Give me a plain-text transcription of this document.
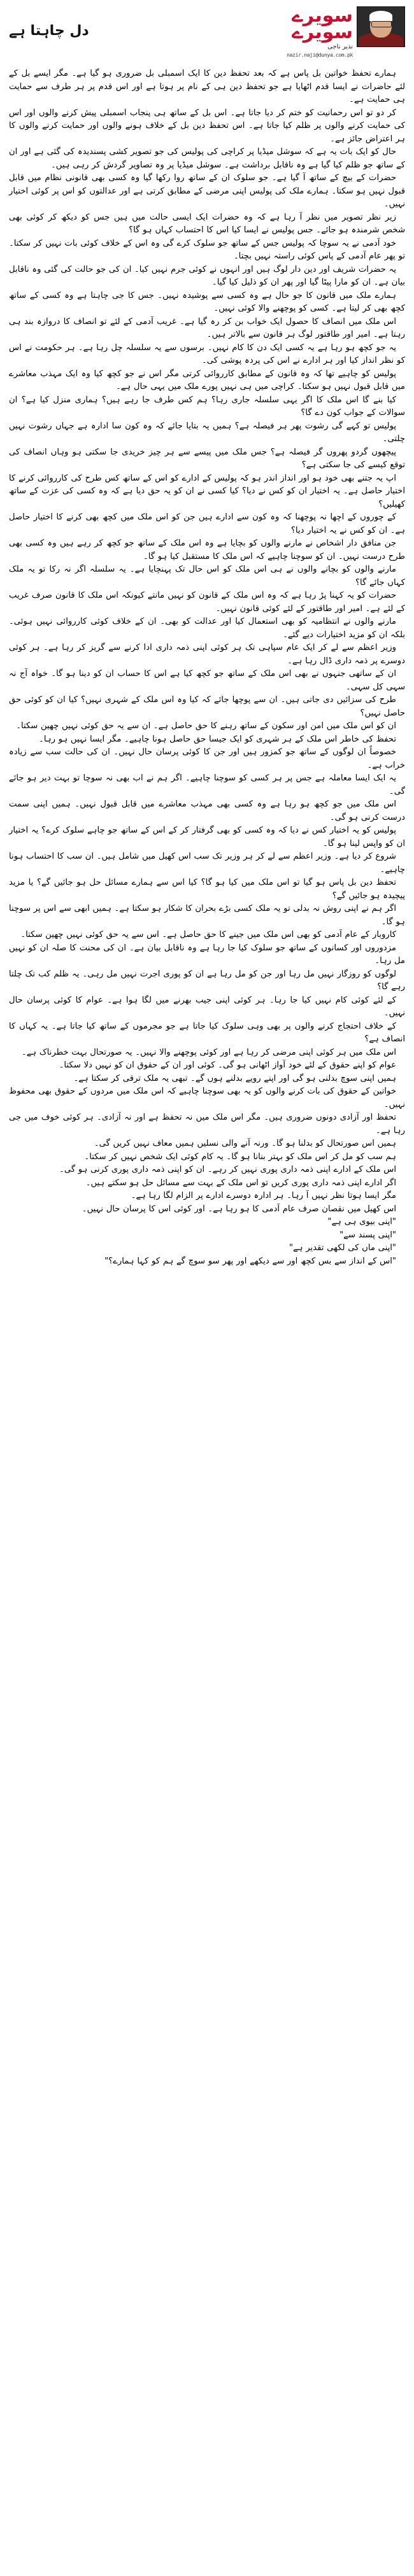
سویرے
سویرے
نذیر ناجی
nazir.naji@dunya.com.pk
دل چاہتا ہے

ہمارے تحفظ خواتین بل پاس ہے کہ بعد تحفظ دین کا ایک اسمبلی بل ضروری ہو گیا ہے۔ مگر ایسے بل کے لئے حاضرات نے ایسا قدم اٹھایا ہے جو تحفظ دین ہی کے نام پر ہوتا ہے اور اس قدم پر ہر طرف سے حمایت ہی حمایت ہے۔

کر دو تو اس رحمانیت کو ختم کر دیا جاتا ہے۔ اس بل کے ساتھ ہی پنجاب اسمبلی پیش کرنے والوں اور اس کی حمایت کرنے والوں پر ظلم کیا جاتا ہے۔ اس تحفظ دین بل کے خلاف ہونے والوں اور حمایت کرنے والوں کا ہر اعتراض جائز ہے۔

حال کو ایک بات یہ ہے کہ سوشل میڈیا پر کراچی کی پولیس کی جو تصویر کشی پسندیدہ کی گئی ہے اور ان کے ساتھ جو ظلم کیا گیا ہے وہ ناقابل برداشت ہے۔ سوشل میڈیا پر وہ تصاویر گردش کر رہی ہیں۔

حضرات کے بیچ کے ساتھ آ گیا ہے۔ جو سلوک ان کے ساتھ روا رکھا گیا وہ کسی بھی قانونی نظام میں قابل قبول نہیں ہو سکتا۔ ہمارے ملک کی پولیس اپنی مرضی کے مطابق کرتی ہے اور عدالتوں کو اس پر کوئی اختیار نہیں۔

زیر نظر تصویر میں نظر آ رہا ہے کہ وہ حضرات ایک ایسی حالت میں ہیں جس کو دیکھ کر کوئی بھی شخص شرمندہ ہو جائے۔ جس پولیس نے ایسا کیا اس کا احتساب کہاں ہو گا؟

خود آدمی نے یہ سوچا کہ پولیس جس کے ساتھ جو سلوک کرے گی وہ اس کے خلاف کوئی بات نہیں کر سکتا۔ تو پھر عام آدمی کے پاس کوئی راستہ نہیں بچتا۔

یہ حضرات شریف اور دین دار لوگ ہیں اور انہوں نے کوئی جرم نہیں کیا۔ ان کی جو حالت کی گئی وہ ناقابل بیان ہے۔ ان کو مارا پیٹا گیا اور پھر ان کو ذلیل کیا گیا۔

ہمارے ملک میں قانون کا جو حال ہے وہ کسی سے پوشیدہ نہیں۔ جس کا جی چاہتا ہے وہ کسی کے ساتھ کچھ بھی کر لیتا ہے۔ کسی کو پوچھنے والا کوئی نہیں۔

اس ملک میں انصاف کا حصول ایک خواب بن کر رہ گیا ہے۔ غریب آدمی کے لئے تو انصاف کا دروازہ بند ہی رہتا ہے۔ امیر اور طاقتور لوگ ہر قانون سے بالاتر ہیں۔

یہ جو کچھ ہو رہا ہے یہ کسی ایک دن کا کام نہیں۔ برسوں سے یہ سلسلہ چل رہا ہے۔ ہر حکومت نے اس کو نظر انداز کیا اور ہر ادارے نے اس کی پردہ پوشی کی۔

پولیس کو چاہیے تھا کہ وہ قانون کے مطابق کارروائی کرتی مگر اس نے جو کچھ کیا وہ ایک مہذب معاشرے میں قابل قبول نہیں ہو سکتا۔ کراچی میں ہی نہیں پورے ملک میں یہی حال ہے۔

کیا بنے گا اس ملک کا اگر یہی سلسلہ جاری رہا؟ ہم کس طرف جا رہے ہیں؟ ہماری منزل کیا ہے؟ ان سوالات کے جواب کون دے گا؟

پولیس تو کہے گی رشوت پھر ہر فیصلہ ہے؟ ہمیں یہ بتایا جائے کہ وہ کون سا ادارہ ہے جہاں رشوت نہیں چلتی۔

پیچھوں گردو پھروں گر فیصلہ ہے؟ جس ملک میں پیسے سے ہر چیز خریدی جا سکتی ہو وہاں انصاف کی توقع کیسے کی جا سکتی ہے؟

اپ یہ جتنے بھی خود ہو اور انداز اندر ہو کہ پولیس کے ادارے کو اس کے ساتھ کس طرح کی کارروائی کرنے کا اختیار حاصل ہے۔ یہ اختیار ان کو کس نے دیا؟ کیا کسی نے ان کو یہ حق دیا ہے کہ وہ کسی کی عزت کے ساتھ کھیلیں؟

کے چوروں کے اچھا نہ پوچھنا کہ وہ کون سے ادارے ہیں جن کو اس ملک میں کچھ بھی کرنے کا اختیار حاصل ہے۔ ان کو کس نے یہ اختیار دیا؟

جن منافق دار اشخاص نے مارنے والوں کو بچایا ہے وہ اس ملک کے ساتھ جو کچھ کر رہے ہیں وہ کسی بھی طرح درست نہیں۔ ان کو سوچنا چاہیے کہ اس ملک کا مستقبل کیا ہو گا۔

مارنے والوں کو بچانے والوں نے ہی اس ملک کو اس حال تک پہنچایا ہے۔ یہ سلسلہ اگر نہ رکا تو یہ ملک کہاں جائے گا؟

حضرات کو یہ کہنا پڑ رہا ہے کہ وہ اس ملک کے قانون کو نہیں مانتے کیونکہ اس ملک کا قانون صرف غریب کے لئے ہے۔ امیر اور طاقتور کے لئے کوئی قانون نہیں۔

مارنے والوں نے انتظامیہ کو بھی استعمال کیا اور عدالت کو بھی۔ ان کے خلاف کوئی کارروائی نہیں ہوئی۔ بلکہ ان کو مزید اختیارات دیے گئے۔

وزیر اعظم سے لے کر ایک عام سپاہی تک ہر کوئی اپنی ذمہ داری ادا کرنے سے گریز کر رہا ہے۔ ہر کوئی دوسرے پر ذمہ داری ڈال رہا ہے۔

ان کے ساتھی جنہوں نے بھی اس ملک کے ساتھ جو کچھ کیا ہے اس کا حساب ان کو دینا ہو گا۔ خواہ آج نہ سہی کل سہی۔

طرح کی سزائیں دی جاتی ہیں۔ ان سے پوچھا جائے کہ کیا وہ اس ملک کے شہری نہیں؟ کیا ان کو کوئی حق حاصل نہیں؟

ان کو اس ملک میں امن اور سکون کے ساتھ رہنے کا حق حاصل ہے۔ ان سے یہ حق کوئی نہیں چھین سکتا۔

تحفظ کی خاطر اس ملک کے ہر شہری کو ایک جیسا حق حاصل ہونا چاہیے۔ مگر ایسا نہیں ہو رہا۔

خصوصاً ان لوگوں کے ساتھ جو کمزور ہیں اور جن کا کوئی پرسان حال نہیں۔ ان کی حالت سب سے زیادہ خراب ہے۔

یہ ایک ایسا معاملہ ہے جس پر ہر کسی کو سوچنا چاہیے۔ اگر ہم نے اب بھی نہ سوچا تو بہت دیر ہو جائے گی۔

اس ملک میں جو کچھ ہو رہا ہے وہ کسی بھی مہذب معاشرے میں قابل قبول نہیں۔ ہمیں اپنی سمت درست کرنی ہو گی۔

پولیس کو یہ اختیار کس نے دیا کہ وہ کسی کو بھی گرفتار کر کے اس کے ساتھ جو چاہے سلوک کرے؟ یہ اختیار ان کو واپس لینا ہو گا۔

شروع کر دیا ہے۔ وزیر اعظم سے لے کر ہر وزیر تک سب اس کھیل میں شامل ہیں۔ ان سب کا احتساب ہونا چاہیے۔

تحفظ دین بل پاس ہو گیا تو اس ملک میں کیا ہو گا؟ کیا اس سے ہمارے مسائل حل ہو جائیں گے؟ یا مزید پیچیدہ ہو جائیں گے؟

اگر ہم نے اپنی روش نہ بدلی تو یہ ملک کسی بڑے بحران کا شکار ہو سکتا ہے۔ ہمیں ابھی سے اس پر سوچنا ہو گا۔

کاروبار کے عام آدمی کو بھی اس ملک میں جینے کا حق حاصل ہے۔ اس سے یہ حق کوئی نہیں چھین سکتا۔

مزدوروں اور کسانوں کے ساتھ جو سلوک کیا جا رہا ہے وہ ناقابل بیان ہے۔ ان کی محنت کا صلہ ان کو نہیں مل رہا۔

لوگوں کو روزگار نہیں مل رہا اور جن کو مل رہا ہے ان کو پوری اجرت نہیں مل رہی۔ یہ ظلم کب تک چلتا رہے گا؟

کے لئے کوئی کام نہیں کیا جا رہا۔ ہر کوئی اپنی جیب بھرنے میں لگا ہوا ہے۔ عوام کا کوئی پرسان حال نہیں۔

کے خلاف احتجاج کرنے والوں پر بھی وہی سلوک کیا جاتا ہے جو مجرموں کے ساتھ کیا جاتا ہے۔ یہ کہاں کا انصاف ہے؟

اس ملک میں ہر کوئی اپنی مرضی کر رہا ہے اور کوئی پوچھنے والا نہیں۔ یہ صورتحال بہت خطرناک ہے۔

عوام کو اپنے حقوق کے لئے خود آواز اٹھانی ہو گی۔ کوئی اور ان کے حقوق ان کو نہیں دلا سکتا۔

ہمیں اپنی سوچ بدلنی ہو گی اور اپنے رویے بدلنے ہوں گے۔ تبھی یہ ملک ترقی کر سکتا ہے۔

خواتین کے حقوق کی بات کرنے والوں کو یہ بھی سوچنا چاہیے کہ اس ملک میں مردوں کے حقوق بھی محفوظ نہیں۔

تحفظ اور آزادی دونوں ضروری ہیں۔ مگر اس ملک میں نہ تحفظ ہے اور نہ آزادی۔ ہر کوئی خوف میں جی رہا ہے۔

ہمیں اس صورتحال کو بدلنا ہو گا۔ ورنہ آنے والی نسلیں ہمیں معاف نہیں کریں گی۔

ہم سب کو مل کر اس ملک کو بہتر بنانا ہو گا۔ یہ کام کوئی ایک شخص نہیں کر سکتا۔

اس ملک کے ادارے اپنی ذمہ داری پوری نہیں کر رہے۔ ان کو اپنی ذمہ داری پوری کرنی ہو گی۔

اگر ادارے اپنی ذمہ داری پوری کریں تو اس ملک کے بہت سے مسائل حل ہو سکتے ہیں۔

مگر ایسا ہوتا نظر نہیں آ رہا۔ ہر ادارہ دوسرے ادارے پر الزام لگا رہا ہے۔

اس کھیل میں نقصان صرف عام آدمی کا ہو رہا ہے۔ اور کوئی اس کا پرسان حال نہیں۔

"اپنی بیوی ہی ہے"

"اپنی پسند سے"

"اپنی ماں کی لکھی تقدیر ہے"

"اس کے انداز سے بس کچھ اور سے دیکھے اور پھر سو سوچ گے ہم کو کہا ہمارے؟"
